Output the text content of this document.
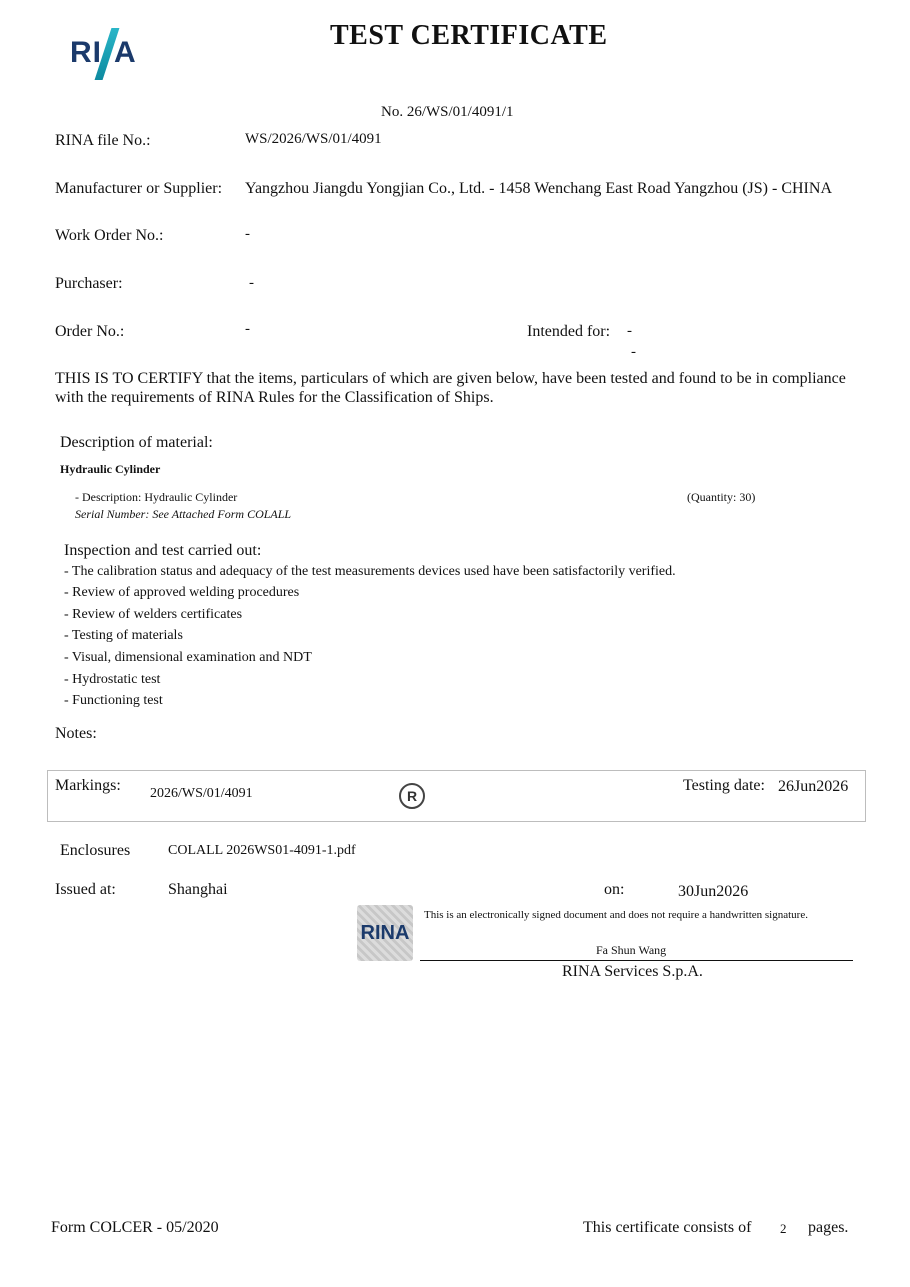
RI A
TEST CERTIFICATE
No. 26/WS/01/4091/1
RINA file No.:	WS/2026/WS/01/4091
Manufacturer or Supplier: Yangzhou Jiangdu Yongjian Co., Ltd. - 1458 Wenchang East Road Yangzhou (JS) - CHINA
Work Order No.:	-
Purchaser:	-
Order No.:	-	Intended for: -
-
THIS IS TO CERTIFY that the items, particulars of which are given below, have been tested and found to be in compliance with the requirements of RINA Rules for the Classification of Ships.
Description of material:
Hydraulic Cylinder
- Description: Hydraulic Cylinder	(Quantity: 30)
Serial Number: See Attached Form COLALL
Inspection and test carried out:
- The calibration status and adequacy of the test measurements devices used have been satisfactorily verified.
- Review of approved welding procedures
- Review of welders certificates
- Testing of materials
- Visual, dimensional examination and NDT
- Hydrostatic test
- Functioning test
Notes:
Markings: 2026/WS/01/4091	R
Testing date: 26Jun2026
Enclosures	COLALL 2026WS01-4091-1.pdf
Issued at:	Shanghai	on:	30Jun2026
RINA
This is an electronically signed document and does not require a handwritten signature.
Fa Shun Wang
RINA Services S.p.A.
Form COLCER - 05/2020	This certificate consists of 2 pages.
